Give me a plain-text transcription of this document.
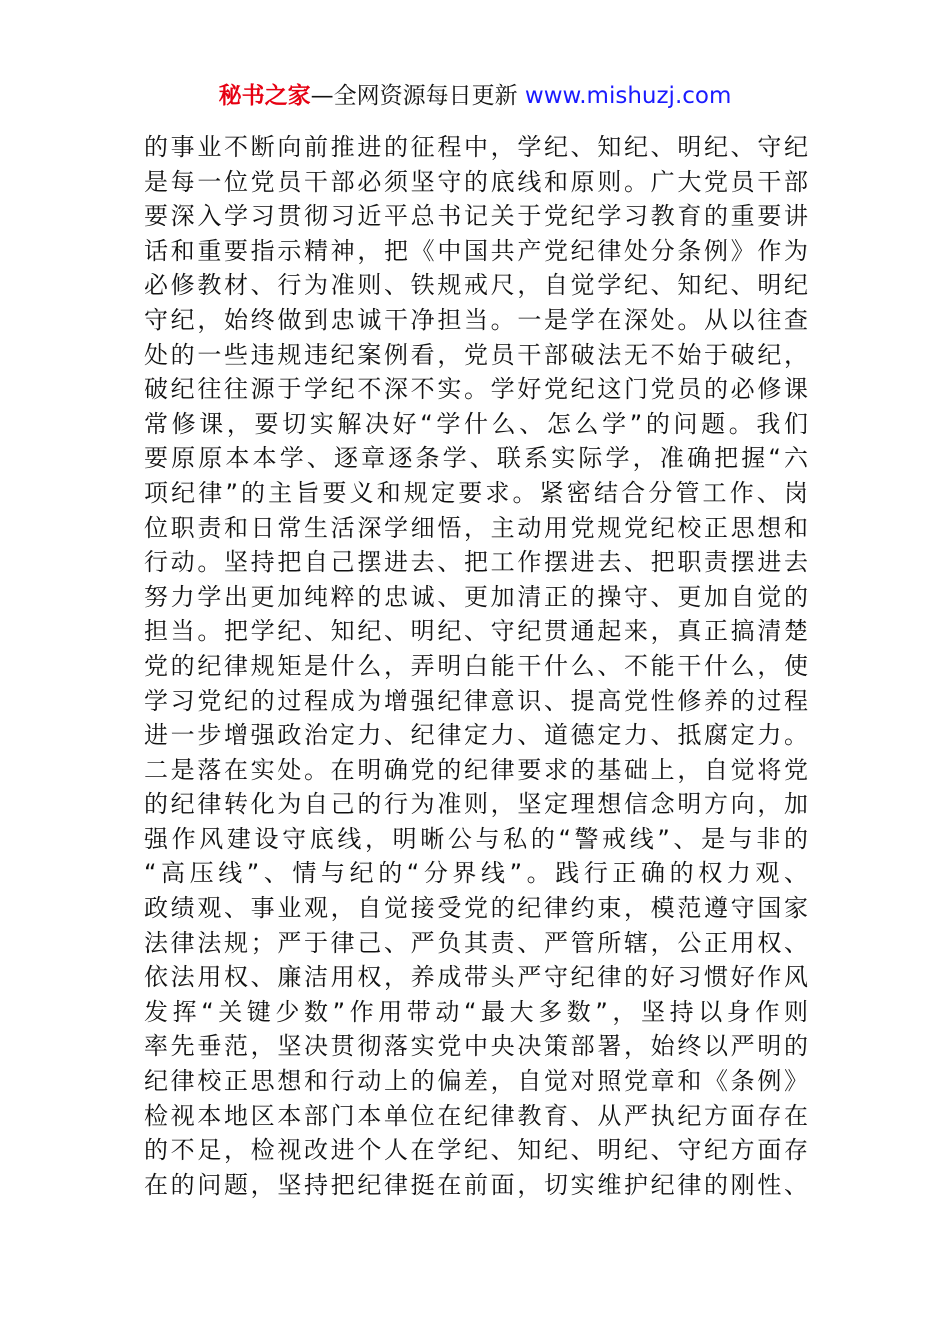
秘书之家—全网资源每日更新 www.mishuzj.com
的事业不断向前推进的征程中，学纪、知纪、明纪、守纪
是每一位党员干部必须坚守的底线和原则。广大党员干部
要深入学习贯彻习近平总书记关于党纪学习教育的重要讲
话和重要指示精神，把《中国共产党纪律处分条例》作为
必修教材、行为准则、铁规戒尺，自觉学纪、知纪、明纪
守纪，始终做到忠诚干净担当。一是学在深处。从以往查
处的一些违规违纪案例看，党员干部破法无不始于破纪，
破纪往往源于学纪不深不实。学好党纪这门党员的必修课
常修课，要切实解决好“学什么、怎么学”的问题。我们
要原原本本学、逐章逐条学、联系实际学，准确把握“六
项纪律”的主旨要义和规定要求。紧密结合分管工作、岗
位职责和日常生活深学细悟，主动用党规党纪校正思想和
行动。坚持把自己摆进去、把工作摆进去、把职责摆进去
努力学出更加纯粹的忠诚、更加清正的操守、更加自觉的
担当。把学纪、知纪、明纪、守纪贯通起来，真正搞清楚
党的纪律规矩是什么，弄明白能干什么、不能干什么，使
学习党纪的过程成为增强纪律意识、提高党性修养的过程
进一步增强政治定力、纪律定力、道德定力、抵腐定力。
二是落在实处。在明确党的纪律要求的基础上，自觉将党
的纪律转化为自己的行为准则，坚定理想信念明方向，加
强作风建设守底线，明晰公与私的“警戒线”、是与非的
“高压线”、情与纪的“分界线”。践行正确的权力观、
政绩观、事业观，自觉接受党的纪律约束，模范遵守国家
法律法规；严于律己、严负其责、严管所辖，公正用权、
依法用权、廉洁用权，养成带头严守纪律的好习惯好作风
发挥“关键少数”作用带动“最大多数”，坚持以身作则
率先垂范，坚决贯彻落实党中央决策部署，始终以严明的
纪律校正思想和行动上的偏差，自觉对照党章和《条例》
检视本地区本部门本单位在纪律教育、从严执纪方面存在
的不足，检视改进个人在学纪、知纪、明纪、守纪方面存
在的问题，坚持把纪律挺在前面，切实维护纪律的刚性、
